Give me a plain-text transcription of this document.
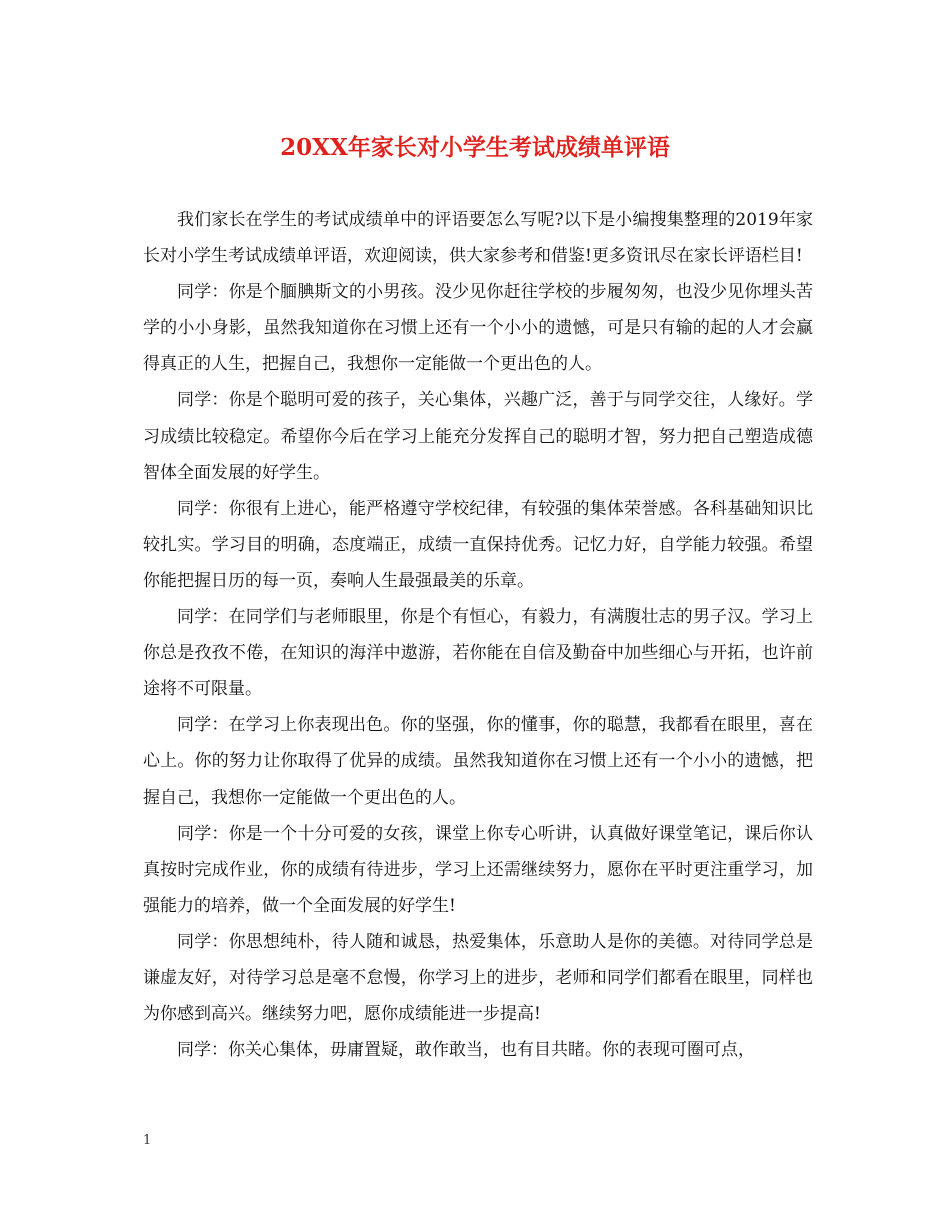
20XX年家长对小学生考试成绩单评语

我们家长在学生的考试成绩单中的评语要怎么写呢?以下是小编搜集整理的2019年家长对小学生考试成绩单评语，欢迎阅读，供大家参考和借鉴!更多资讯尽在家长评语栏目!

同学：你是个腼腆斯文的小男孩。没少见你赶往学校的步履匆匆，也没少见你埋头苦学的小小身影，虽然我知道你在习惯上还有一个小小的遗憾，可是只有输的起的人才会赢得真正的人生，把握自己，我想你一定能做一个更出色的人。

同学：你是个聪明可爱的孩子，关心集体，兴趣广泛，善于与同学交往，人缘好。学习成绩比较稳定。希望你今后在学习上能充分发挥自己的聪明才智，努力把自己塑造成德智体全面发展的好学生。

同学：你很有上进心，能严格遵守学校纪律，有较强的集体荣誉感。各科基础知识比较扎实。学习目的明确，态度端正，成绩一直保持优秀。记忆力好，自学能力较强。希望你能把握日历的每一页，奏响人生最强最美的乐章。

同学：在同学们与老师眼里，你是个有恒心，有毅力，有满腹壮志的男子汉。学习上你总是孜孜不倦，在知识的海洋中遨游，若你能在自信及勤奋中加些细心与开拓，也许前途将不可限量。

同学：在学习上你表现出色。你的坚强，你的懂事，你的聪慧，我都看在眼里，喜在心上。你的努力让你取得了优异的成绩。虽然我知道你在习惯上还有一个小小的遗憾，把握自己，我想你一定能做一个更出色的人。

同学：你是一个十分可爱的女孩，课堂上你专心听讲，认真做好课堂笔记，课后你认真按时完成作业，你的成绩有待进步，学习上还需继续努力，愿你在平时更注重学习，加强能力的培养，做一个全面发展的好学生!

同学：你思想纯朴，待人随和诚恳，热爱集体，乐意助人是你的美德。对待同学总是谦虚友好，对待学习总是毫不怠慢，你学习上的进步，老师和同学们都看在眼里，同样也为你感到高兴。继续努力吧，愿你成绩能进一步提高!

同学：你关心集体，毋庸置疑，敢作敢当，也有目共睹。你的表现可圈可点，

1
